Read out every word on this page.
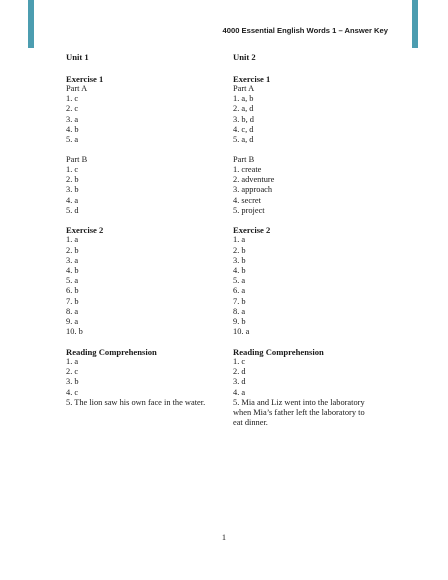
4000 Essential English Words 1 – Answer Key
Unit 1
Exercise 1
Part A
1. c
2. c
3. a
4. b
5. a
Part B
1. c
2. b
3. b
4. a
5. d
Exercise 2
1. a
2. b
3. a
4. b
5. a
6. b
7. b
8. a
9. a
10. b
Reading Comprehension
1. a
2. c
3. b
4. c
5. The lion saw his own face in the water.
Unit 2
Exercise 1
Part A
1. a, b
2. a, d
3. b, d
4. c, d
5. a, d
Part B
1. create
2. adventure
3. approach
4. secret
5. project
Exercise 2
1. a
2. b
3. b
4. b
5. a
6. a
7. b
8. a
9. b
10. a
Reading Comprehension
1. c
2. d
3. d
4. a
5. Mia and Liz went into the laboratory
when Mia’s father left the laboratory to
eat dinner.
1
